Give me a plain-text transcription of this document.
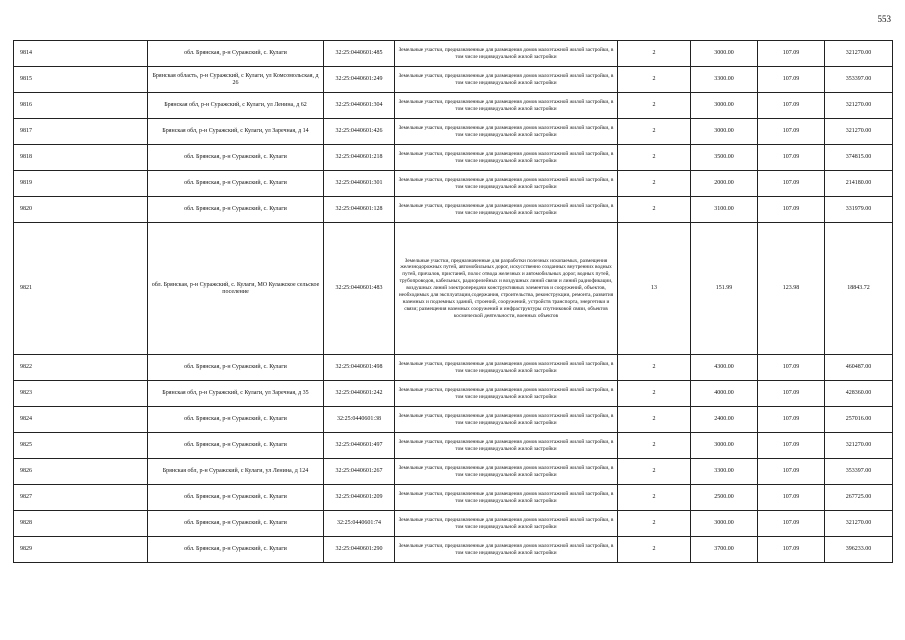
553
9814	обл. Брянская, р-н Суражский, с. Кулаги	32:25:0440601:485	Земельные участки, предназначенные для размещения домов малоэтажной жилой застройки, в том числе индивидуальной жилой застройки	2	3000.00	107.09	321270.00
9815	Брянская область, р-н Суражский, с Кулаги, ул Комсомольская, д 26	32:25:0440601:249	Земельные участки, предназначенные для размещения домов малоэтажной жилой застройки, в том числе индивидуальной жилой застройки	2	3300.00	107.09	353397.00
9816	Брянская обл, р-н Суражский, с Кулаги, ул Ленина, д 62	32:25:0440601:304	Земельные участки, предназначенные для размещения домов малоэтажной жилой застройки, в том числе индивидуальной жилой застройки	2	3000.00	107.09	321270.00
9817	Брянская обл, р-н Суражский, с Кулаги, ул Заречная, д 14	32:25:0440601:426	Земельные участки, предназначенные для размещения домов малоэтажной жилой застройки, в том числе индивидуальной жилой застройки	2	3000.00	107.09	321270.00
9818	обл. Брянская, р-н Суражский, с. Кулаги	32:25:0440601:218	Земельные участки, предназначенные для размещения домов малоэтажной жилой застройки, в том числе индивидуальной жилой застройки	2	3500.00	107.09	374815.00
9819	обл. Брянская, р-н Суражский, с. Кулаги	32:25:0440601:301	Земельные участки, предназначенные для размещения домов малоэтажной жилой застройки, в том числе индивидуальной жилой застройки	2	2000.00	107.09	214180.00
9820	обл. Брянская, р-н Суражский, с. Кулаги	32:25:0440601:128	Земельные участки, предназначенные для размещения домов малоэтажной жилой застройки, в том числе индивидуальной жилой застройки	2	3100.00	107.09	331979.00
9821	обл. Брянская, р-н Суражский, с. Кулаги, МО Кулажское сельское поселение	32:25:0440601:483	Земельные участки, предназначенные для разработки полезных ископаемых, размещения железнодорожных путей, автомобильных дорог, искусственно созданных внутренних водных путей, причалов, пристаней, полос отвода железных и автомобильных дорог, водных путей, трубопроводов, кабельных, радиорелейных и воздушных линий связи и линий радиофикации, воздушных линий электропередачи конструктивных элементов и сооружений, объектов, необходимых для эксплуатации,содержания, строительства, реконструкции, ремонта, развития наземных и подземных зданий, строений, сооружений, устройств транспорта, энергетики и связи; размещения наземных сооружений и инфраструктуры спутниковой связи, объектов космической деятельности, военных объектов	13	151.99	123.98	18843.72
9822	обл. Брянская, р-н Суражский, с. Кулаги	32:25:0440601:498	Земельные участки, предназначенные для размещения домов малоэтажной жилой застройки, в том числе индивидуальной жилой застройки	2	4300.00	107.09	460487.00
9823	Брянская обл, р-н Суражский, с Кулаги, ул Заречная, д 35	32:25:0440601:242	Земельные участки, предназначенные для размещения домов малоэтажной жилой застройки, в том числе индивидуальной жилой застройки	2	4000.00	107.09	428360.00
9824	обл. Брянская, р-н Суражский, с. Кулаги	32:25:0440601:38	Земельные участки, предназначенные для размещения домов малоэтажной жилой застройки, в том числе индивидуальной жилой застройки	2	2400.00	107.09	257016.00
9825	обл. Брянская, р-н Суражский, с. Кулаги	32:25:0440601:497	Земельные участки, предназначенные для размещения домов малоэтажной жилой застройки, в том числе индивидуальной жилой застройки	2	3000.00	107.09	321270.00
9826	Брянская обл, р-н Суражский, с Кулаги, ул Ленина, д 124	32:25:0440601:267	Земельные участки, предназначенные для размещения домов малоэтажной жилой застройки, в том числе индивидуальной жилой застройки	2	3300.00	107.09	353397.00
9827	обл. Брянская, р-н Суражский, с. Кулаги	32:25:0440601:209	Земельные участки, предназначенные для размещения домов малоэтажной жилой застройки, в том числе индивидуальной жилой застройки	2	2500.00	107.09	267725.00
9828	обл. Брянская, р-н Суражский, с. Кулаги	32:25:0440601:74	Земельные участки, предназначенные для размещения домов малоэтажной жилой застройки, в том числе индивидуальной жилой застройки	2	3000.00	107.09	321270.00
9829	обл. Брянская, р-н Суражский, с. Кулаги	32:25:0440601:290	Земельные участки, предназначенные для размещения домов малоэтажной жилой застройки, в том числе индивидуальной жилой застройки	2	3700.00	107.09	396233.00
